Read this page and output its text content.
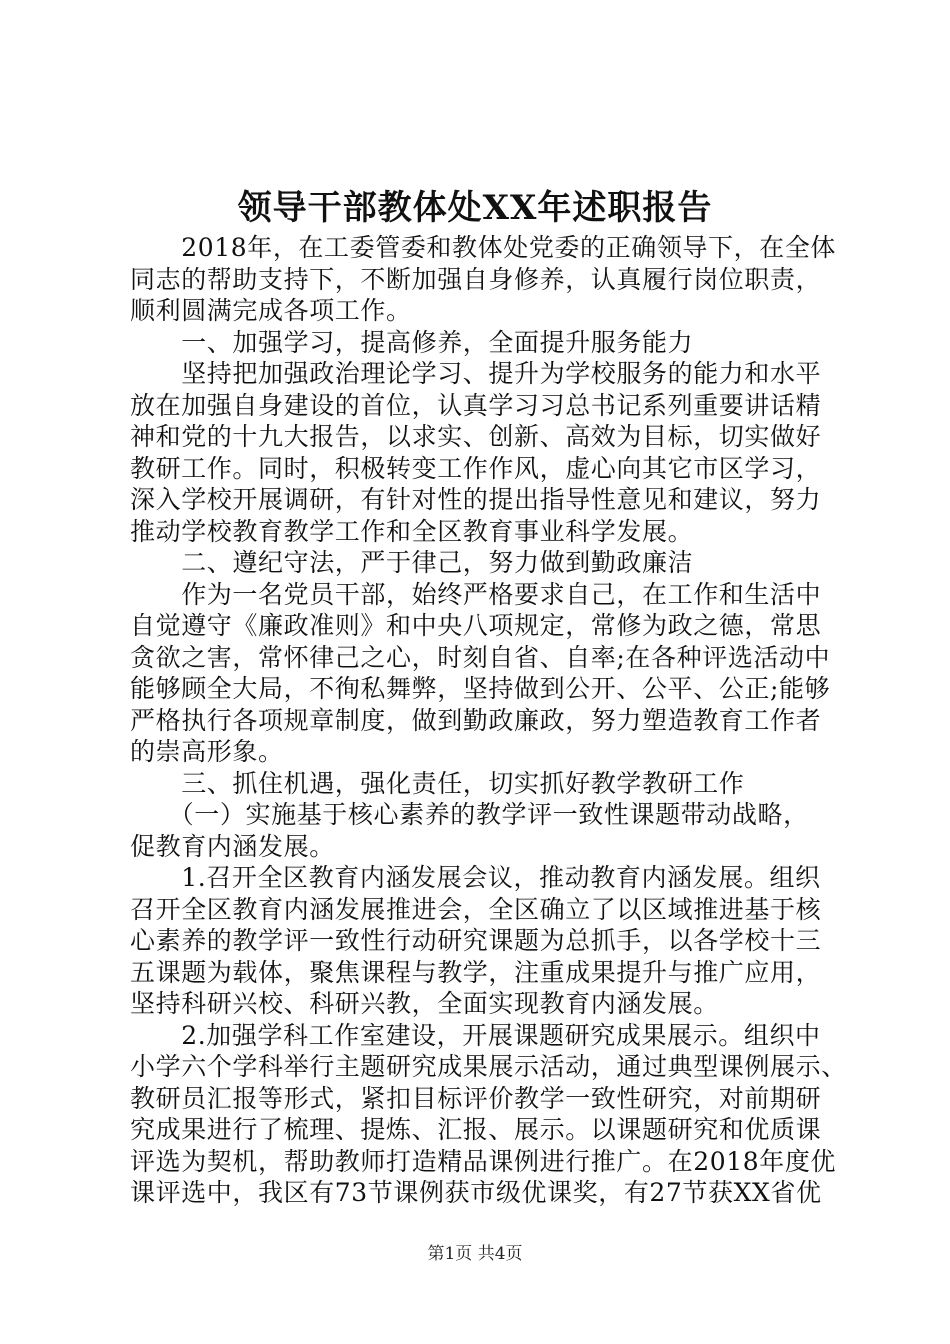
领导干部教体处XX年述职报告
　　2018年，在工委管委和教体处党委的正确领导下，在全体
同志的帮助支持下，不断加强自身修养，认真履行岗位职责，
顺利圆满完成各项工作。
　　一、加强学习，提高修养，全面提升服务能力
　　坚持把加强政治理论学习、提升为学校服务的能力和水平
放在加强自身建设的首位，认真学习习总书记系列重要讲话精
神和党的十九大报告，以求实、创新、高效为目标，切实做好
教研工作。同时，积极转变工作作风，虚心向其它市区学习，
深入学校开展调研，有针对性的提出指导性意见和建议，努力
推动学校教育教学工作和全区教育事业科学发展。
　　二、遵纪守法，严于律己，努力做到勤政廉洁
　　作为一名党员干部，始终严格要求自己，在工作和生活中
自觉遵守《廉政准则》和中央八项规定，常修为政之德，常思
贪欲之害，常怀律己之心，时刻自省、自率;在各种评选活动中
能够顾全大局，不徇私舞弊，坚持做到公开、公平、公正;能够
严格执行各项规章制度，做到勤政廉政，努力塑造教育工作者
的崇高形象。
　　三、抓住机遇，强化责任，切实抓好教学教研工作
　　（一）实施基于核心素养的教学评一致性课题带动战略，
促教育内涵发展。
　　1.召开全区教育内涵发展会议，推动教育内涵发展。组织
召开全区教育内涵发展推进会，全区确立了以区域推进基于核
心素养的教学评一致性行动研究课题为总抓手，以各学校十三
五课题为载体，聚焦课程与教学，注重成果提升与推广应用，
坚持科研兴校、科研兴教，全面实现教育内涵发展。
　　2.加强学科工作室建设，开展课题研究成果展示。组织中
小学六个学科举行主题研究成果展示活动，通过典型课例展示、
教研员汇报等形式，紧扣目标评价教学一致性研究，对前期研
究成果进行了梳理、提炼、汇报、展示。以课题研究和优质课
评选为契机，帮助教师打造精品课例进行推广。在2018年度优
课评选中，我区有73节课例获市级优课奖，有27节获XX省优
第1页 共4页
